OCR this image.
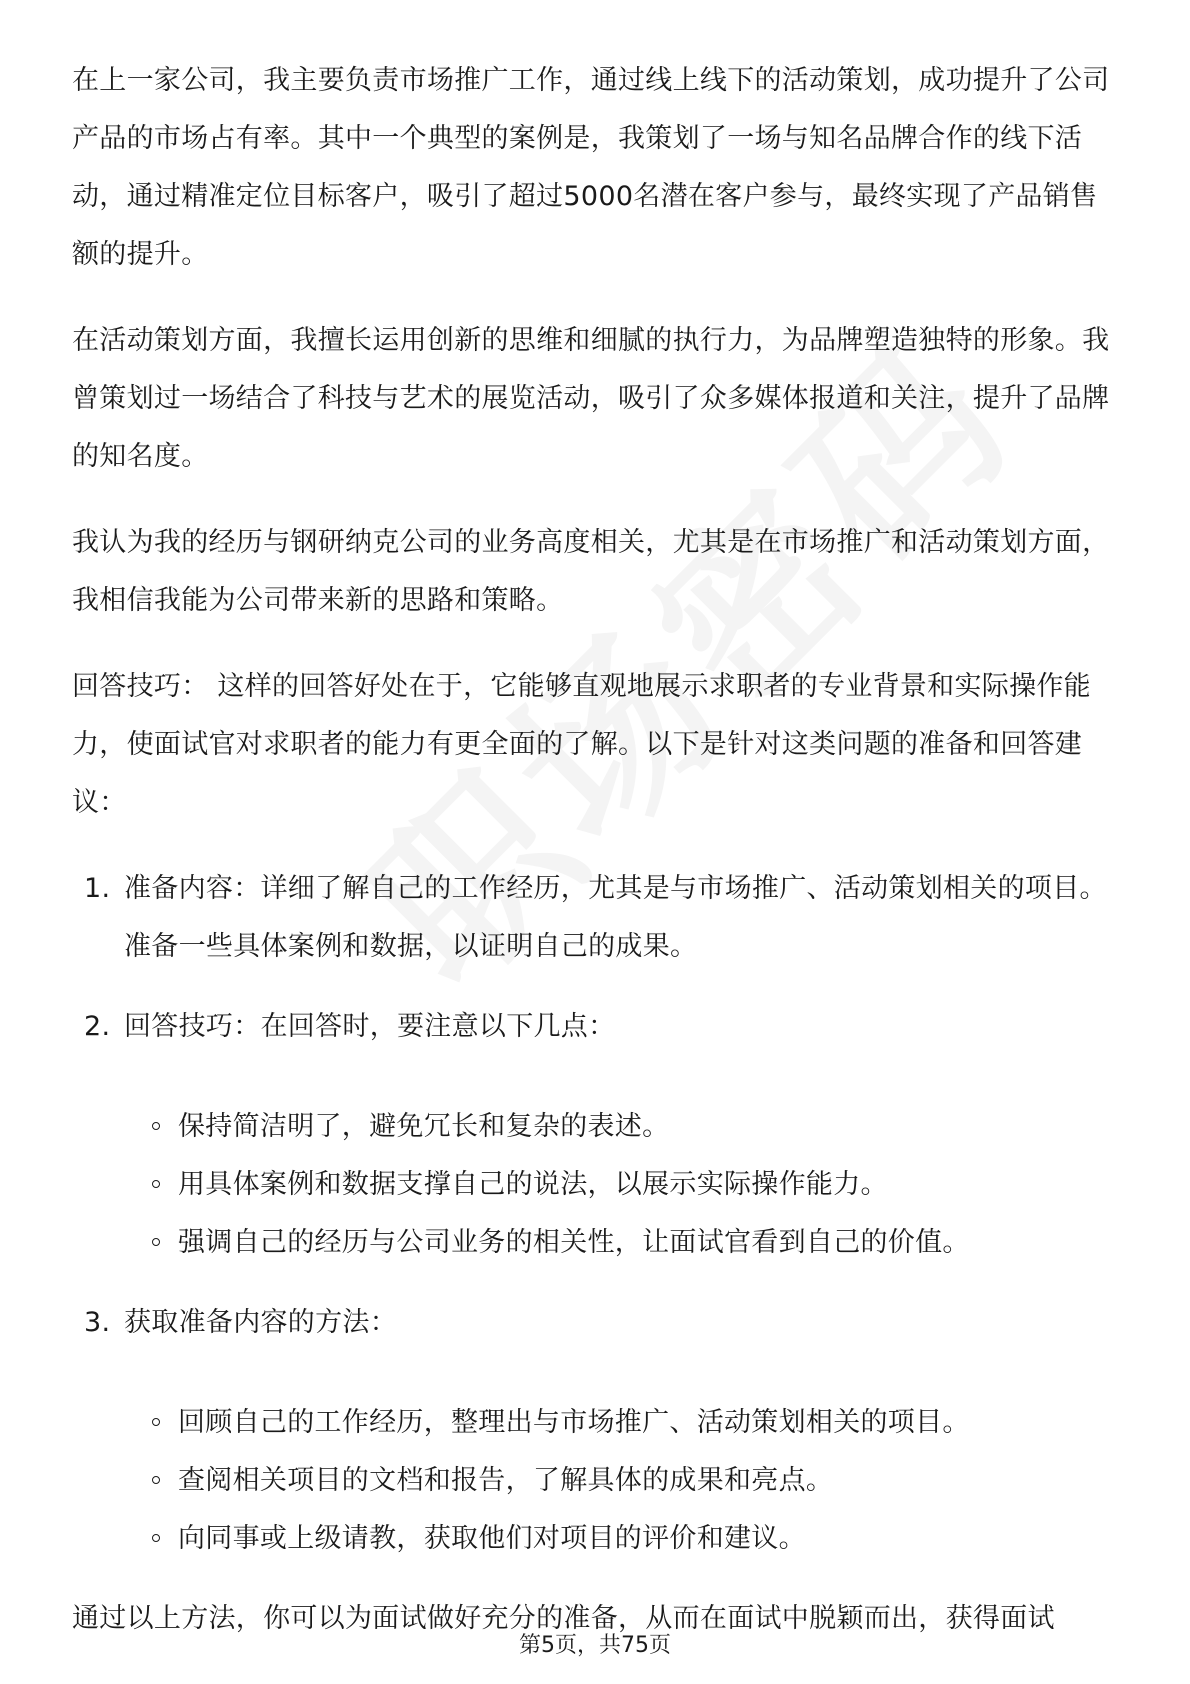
在上一家公司，我主要负责市场推广工作，通过线上线下的活动策划，成功提升了公司产品的市场占有率。其中一个典型的案例是，我策划了一场与知名品牌合作的线下活动，通过精准定位目标客户，吸引了超过5000名潜在客户参与，最终实现了产品销售额的提升。

在活动策划方面，我擅长运用创新的思维和细腻的执行力，为品牌塑造独特的形象。我曾策划过一场结合了科技与艺术的展览活动，吸引了众多媒体报道和关注，提升了品牌的知名度。

我认为我的经历与钢研纳克公司的业务高度相关，尤其是在市场推广和活动策划方面，我相信我能为公司带来新的思路和策略。

回答技巧： 这样的回答好处在于，它能够直观地展示求职者的专业背景和实际操作能力，使面试官对求职者的能力有更全面的了解。以下是针对这类问题的准备和回答建议：

1. 准备内容：详细了解自己的工作经历，尤其是与市场推广、活动策划相关的项目。准备一些具体案例和数据，以证明自己的成果。
2. 回答技巧：在回答时，要注意以下几点：
保持简洁明了，避免冗长和复杂的表述。
用具体案例和数据支撑自己的说法，以展示实际操作能力。
强调自己的经历与公司业务的相关性，让面试官看到自己的价值。
3. 获取准备内容的方法：
回顾自己的工作经历，整理出与市场推广、活动策划相关的项目。
查阅相关项目的文档和报告，了解具体的成果和亮点。
向同事或上级请教，获取他们对项目的评价和建议。

通过以上方法，你可以为面试做好充分的准备，从而在面试中脱颖而出，获得面试

第5页，共75页
